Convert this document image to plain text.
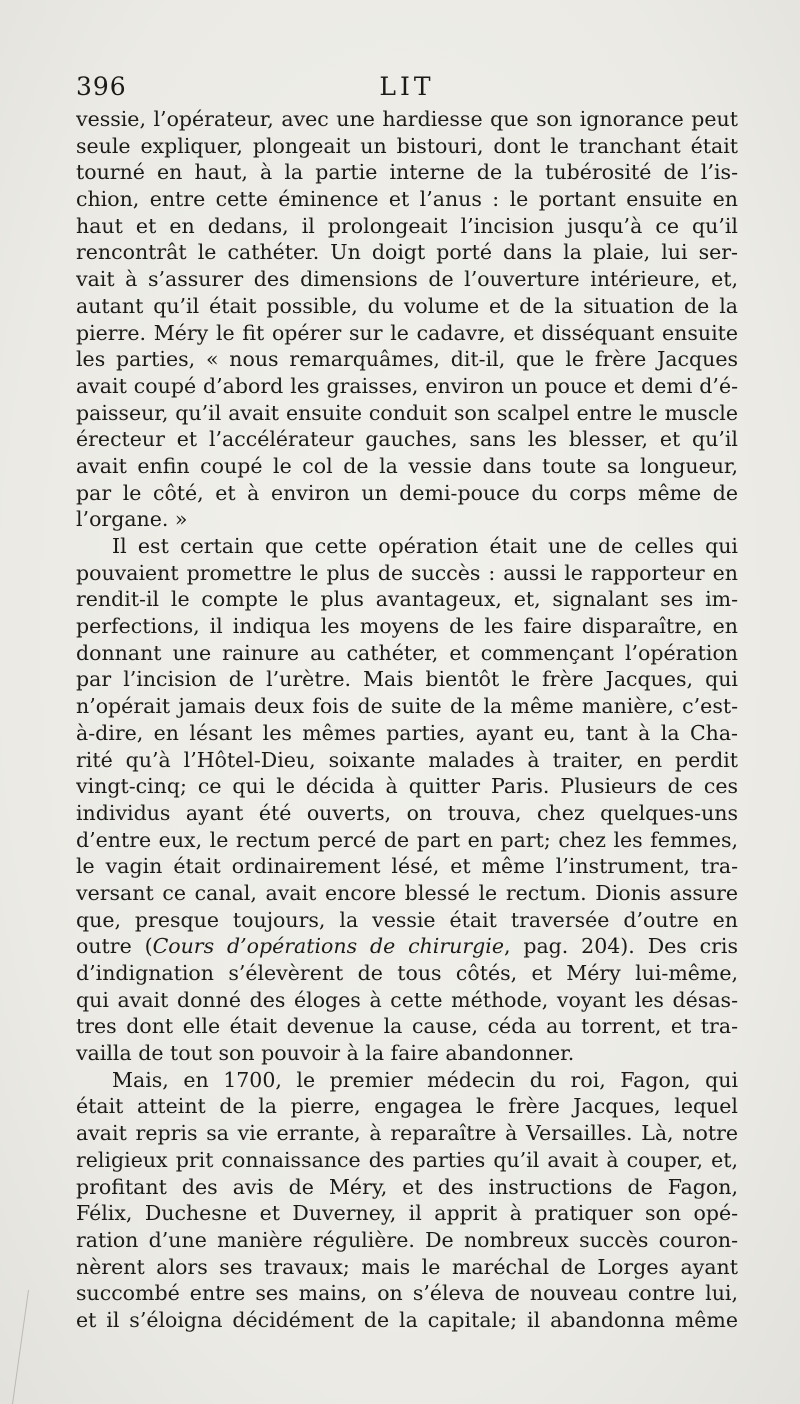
396	LIT
vessie, l’opérateur, avec une hardiesse que son ignorance peut
seule expliquer, plongeait un bistouri, dont le tranchant était
tourné en haut, à la partie interne de la tubérosité de l’is-
chion, entre cette éminence et l’anus : le portant ensuite en
haut et en dedans, il prolongeait l’incision jusqu’à ce qu’il
rencontrât le cathéter. Un doigt porté dans la plaie, lui ser-
vait à s’assurer des dimensions de l’ouverture intérieure, et,
autant qu’il était possible, du volume et de la situation de la
pierre. Méry le fit opérer sur le cadavre, et disséquant ensuite
les parties, « nous remarquâmes, dit-il, que le frère Jacques
avait coupé d’abord les graisses, environ un pouce et demi d’é-
paisseur, qu’il avait ensuite conduit son scalpel entre le muscle
érecteur et l’accélérateur gauches, sans les blesser, et qu’il
avait enfin coupé le col de la vessie dans toute sa longueur,
par le côté, et à environ un demi-pouce du corps même de
l’organe. »
Il est certain que cette opération était une de celles qui
pouvaient promettre le plus de succès : aussi le rapporteur en
rendit-il le compte le plus avantageux, et, signalant ses im-
perfections, il indiqua les moyens de les faire disparaître, en
donnant une rainure au cathéter, et commençant l’opération
par l’incision de l’urètre. Mais bientôt le frère Jacques, qui
n’opérait jamais deux fois de suite de la même manière, c’est-
à-dire, en lésant les mêmes parties, ayant eu, tant à la Cha-
rité qu’à l’Hôtel-Dieu, soixante malades à traiter, en perdit
vingt-cinq; ce qui le décida à quitter Paris. Plusieurs de ces
individus ayant été ouverts, on trouva, chez quelques-uns
d’entre eux, le rectum percé de part en part; chez les femmes,
le vagin était ordinairement lésé, et même l’instrument, tra-
versant ce canal, avait encore blessé le rectum. Dionis assure
que, presque toujours, la vessie était traversée d’outre en
outre (Cours d’opérations de chirurgie, pag. 204). Des cris
d’indignation s’élevèrent de tous côtés, et Méry lui-même,
qui avait donné des éloges à cette méthode, voyant les désas-
tres dont elle était devenue la cause, céda au torrent, et tra-
vailla de tout son pouvoir à la faire abandonner.
Mais, en 1700, le premier médecin du roi, Fagon, qui
était atteint de la pierre, engagea le frère Jacques, lequel
avait repris sa vie errante, à reparaître à Versailles. Là, notre
religieux prit connaissance des parties qu’il avait à couper, et,
profitant des avis de Méry, et des instructions de Fagon,
Félix, Duchesne et Duverney, il apprit à pratiquer son opé-
ration d’une manière régulière. De nombreux succès couron-
nèrent alors ses travaux; mais le maréchal de Lorges ayant
succombé entre ses mains, on s’éleva de nouveau contre lui,
et il s’éloigna décidément de la capitale; il abandonna même
